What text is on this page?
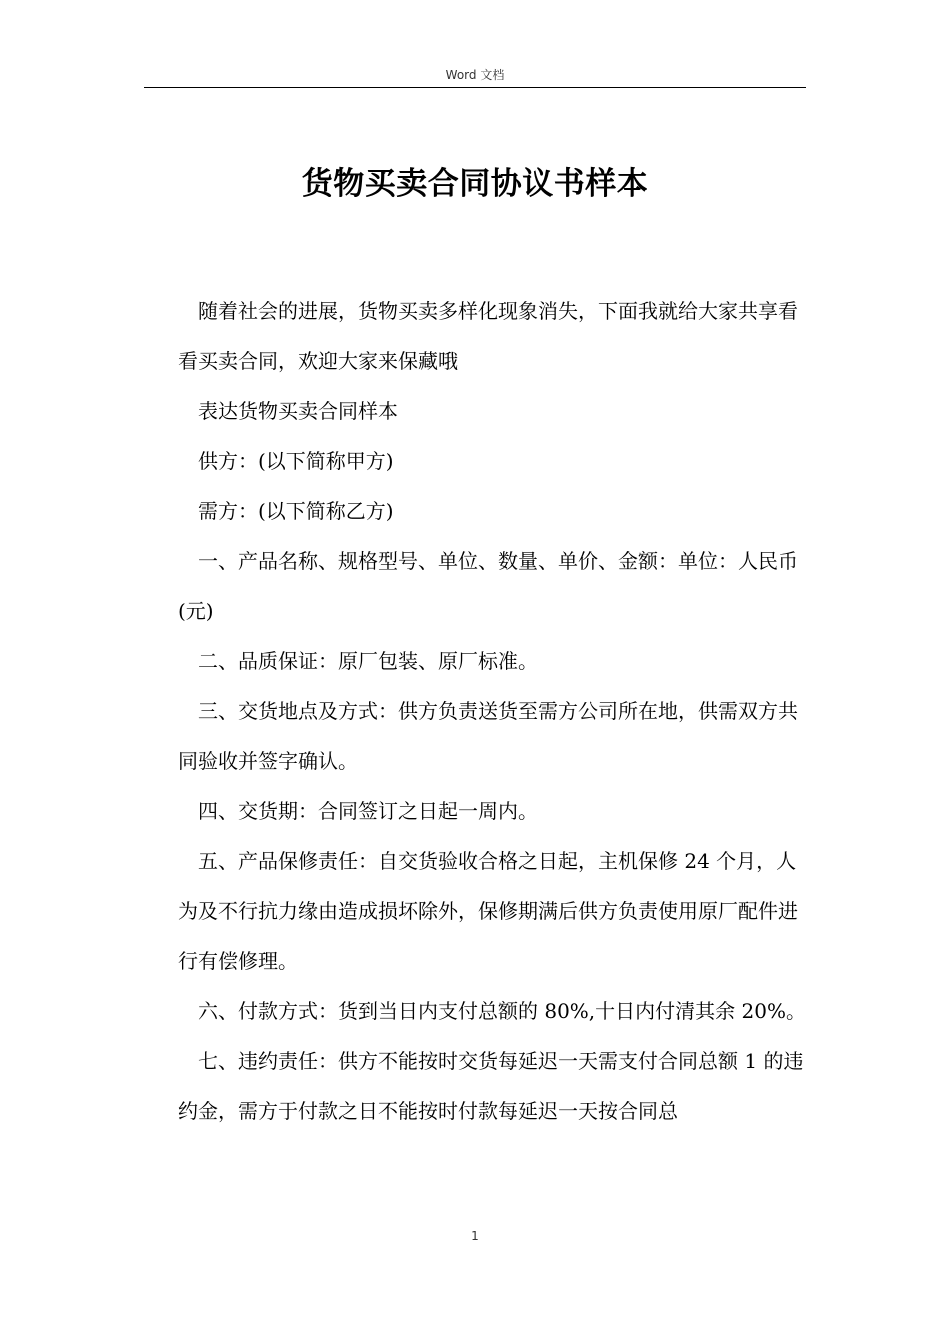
Word 文档
货物买卖合同协议书样本

随着社会的进展，货物买卖多样化现象消失，下面我就给大家共享看看买卖合同，欢迎大家来保藏哦

表达货物买卖合同样本

供方：(以下简称甲方)

需方：(以下简称乙方)

一、产品名称、规格型号、单位、数量、单价、金额：单位：人民币(元)

二、品质保证：原厂包装、原厂标准。

三、交货地点及方式：供方负责送货至需方公司所在地，供需双方共同验收并签字确认。

四、交货期：合同签订之日起一周内。

五、产品保修责任：自交货验收合格之日起，主机保修 24 个月，人为及不行抗力缘由造成损坏除外，保修期满后供方负责使用原厂配件进行有偿修理。

六、付款方式：货到当日内支付总额的 80%,十日内付清其余 20%。

七、违约责任：供方不能按时交货每延迟一天需支付合同总额 1 的违约金，需方于付款之日不能按时付款每延迟一天按合同总

1
